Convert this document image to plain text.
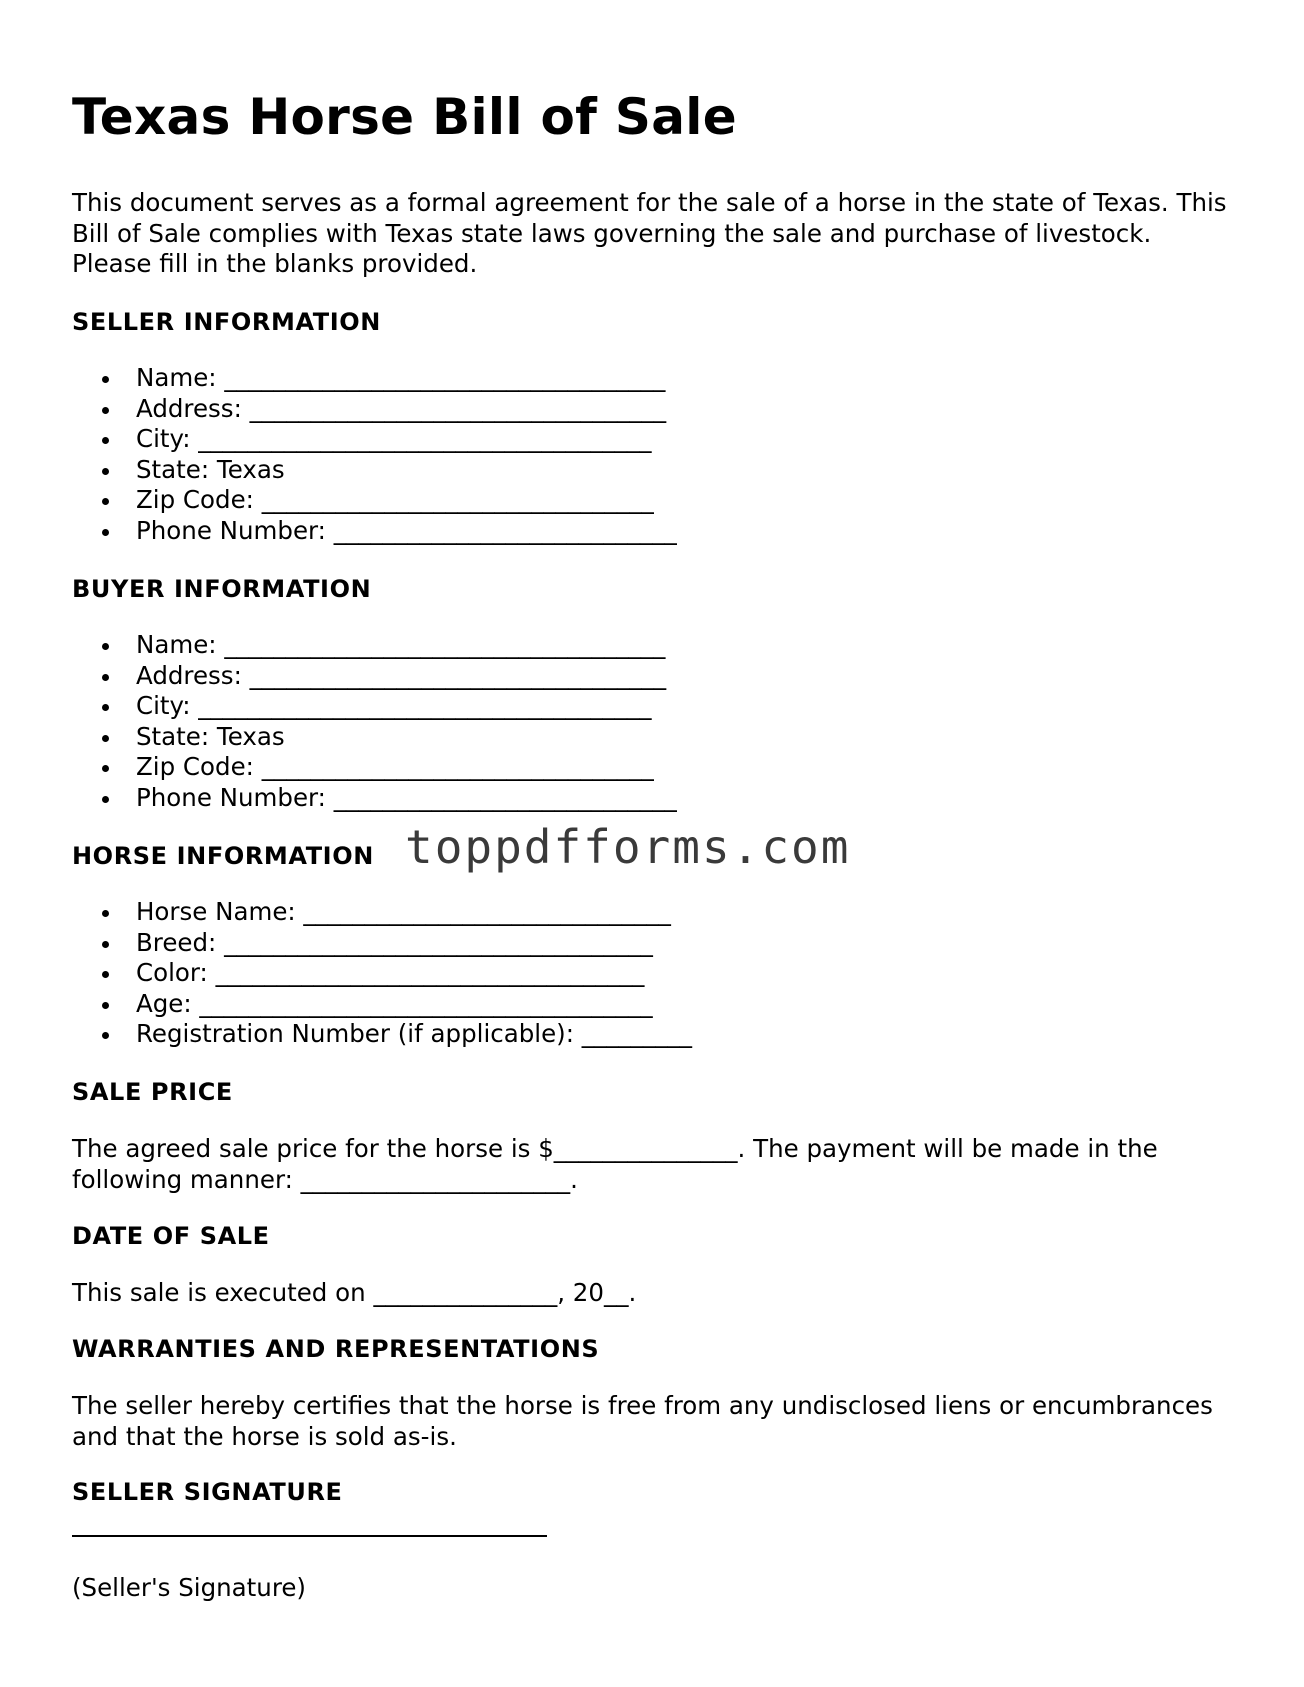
Texas Horse Bill of Sale

This document serves as a formal agreement for the sale of a horse in the state of Texas. This Bill of Sale complies with Texas state laws governing the sale and purchase of livestock. Please fill in the blanks provided.

SELLER INFORMATION
Name: ____________________________________
Address: __________________________________
City: _____________________________________
State: Texas
Zip Code: ________________________________
Phone Number: ____________________________
BUYER INFORMATION
Name: ____________________________________
Address: __________________________________
City: _____________________________________
State: Texas
Zip Code: ________________________________
Phone Number: ____________________________
HORSE INFORMATION
Horse Name: ______________________________
Breed: ___________________________________
Color: ___________________________________
Age: _____________________________________
Registration Number (if applicable): _________
SALE PRICE

The agreed sale price for the horse is $_______________. The payment will be made in the following manner: ______________________.

DATE OF SALE

This sale is executed on _______________, 20__.

WARRANTIES AND REPRESENTATIONS

The seller hereby certifies that the horse is free from any undisclosed liens or encumbrances and that the horse is sold as-is.

SELLER SIGNATURE

(Seller's Signature)

toppdfforms.com
